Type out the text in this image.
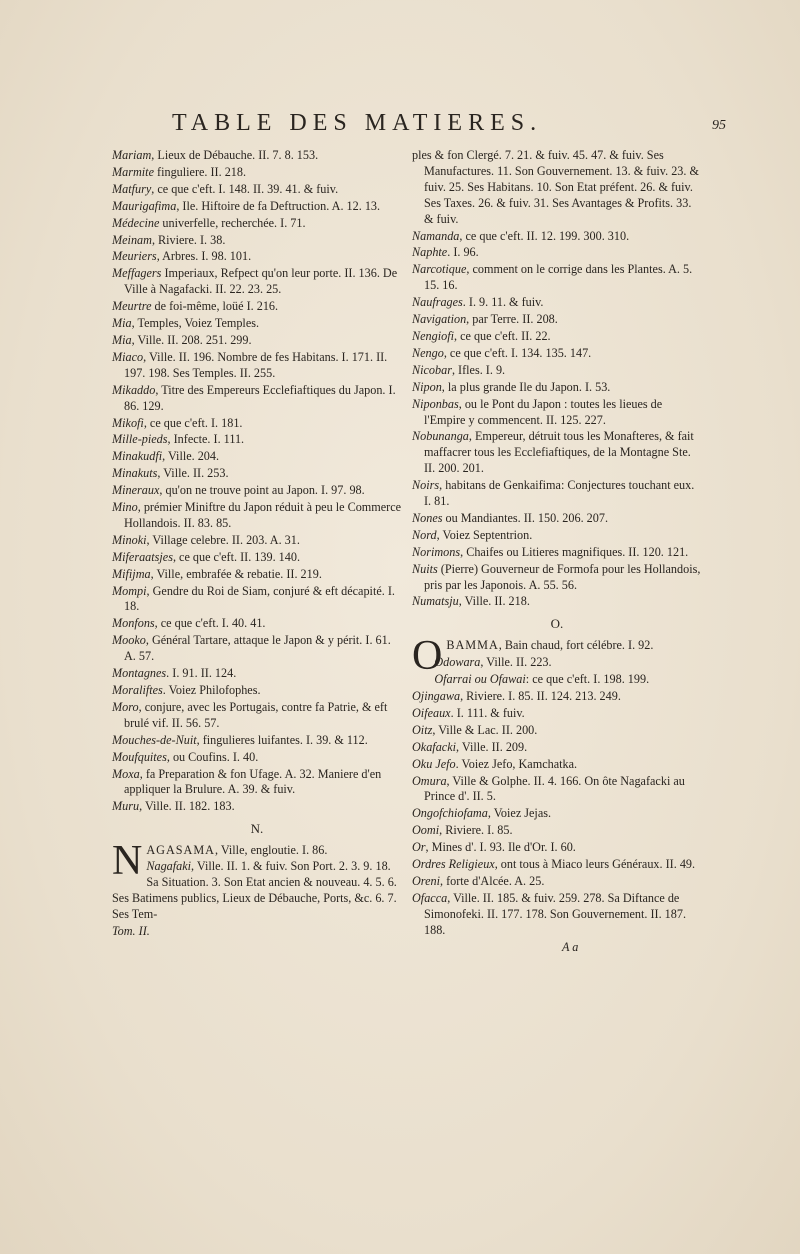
TABLE DES MATIERES.	95
Mariam, Lieux de Débauche. II. 7. 8. 153.
Marmite finguliere. II. 218.
Matfury, ce que c'eft. I. 148. II. 39. 41. & fuiv.
Maurigafima, Ile. Hiftoire de fa Deftruction. A. 12. 13.
Médecine univerfelle, recherchée. I. 71.
Meinam, Riviere. I. 38.
Meuriers, Arbres. I. 98. 101.
Meffagers Imperiaux, Refpect qu'on leur porte. II. 136. De Ville à Nagafacki. II. 22. 23. 25.
Meurtre de foi-même, loüé I. 216.
Mia, Temples, Voiez Temples.
Mia, Ville. II. 208. 251. 299.
Miaco, Ville. II. 196. Nombre de fes Habitans. I. 171. II. 197. 198. Ses Temples. II. 255.
Mikaddo, Titre des Empereurs Ecclefiaftiques du Japon. I. 86. 129.
Mikofi, ce que c'eft. I. 181.
Mille-pieds, Infecte. I. 111.
Minakudfi, Ville. 204.
Minakuts, Ville. II. 253.
Mineraux, qu'on ne trouve point au Japon. I. 97. 98.
Mino, prémier Miniftre du Japon réduit à peu le Commerce Hollandois. II. 83. 85.
Minoki, Village celebre. II. 203. A. 31.
Miferaatsjes, ce que c'eft. II. 139. 140.
Mifijma, Ville, embrafée & rebatie. II. 219.
Mompi, Gendre du Roi de Siam, conjuré & eft décapité. I. 18.
Monfons, ce que c'eft. I. 40. 41.
Mooko, Général Tartare, attaque le Japon & y périt. I. 61. A. 57.
Montagnes. I. 91. II. 124.
Moraliftes. Voiez Philofophes.
Moro, conjure, avec les Portugais, contre fa Patrie, & eft brulé vif. II. 56. 57.
Mouches-de-Nuit, fingulieres luifantes. I. 39. & 112.
Moufquites, ou Coufins. I. 40.
Moxa, fa Preparation & fon Ufage. A. 32. Maniere d'en appliquer la Brulure. A. 39. & fuiv.
Muru, Ville. II. 182. 183.
N.
NAGASAMA, Ville, engloutie. I. 86.
Nagafaki, Ville. II. 1. & fuiv. Son Port. 2. 3. 9. 18. Sa Situation. 3. Son Etat ancien & nouveau. 4. 5. 6. Ses Batimens publics, Lieux de Débauche, Ports, &c. 6. 7. Ses Tem-
Tom. II.
ples & fon Clergé. 7. 21. & fuiv. 45. 47. & fuiv. Ses Manufactures. 11. Son Gouvernement. 13. & fuiv. 23. & fuiv. 25. Ses Habitans. 10. Son Etat préfent. 26. & fuiv. Ses Taxes. 26. & fuiv. 31. Ses Avantages & Profits. 33. & fuiv.
Namanda, ce que c'eft. II. 12. 199. 300. 310.
Naphte. I. 96.
Narcotique, comment on le corrige dans les Plantes. A. 5. 15. 16.
Naufrages. I. 9. 11. & fuiv.
Navigation, par Terre. II. 208.
Nengiofi, ce que c'eft. II. 22.
Nengo, ce que c'eft. I. 134. 135. 147.
Nicobar, Ifles. I. 9.
Nipon, la plus grande Ile du Japon. I. 53.
Niponbas, ou le Pont du Japon : toutes les lieues de l'Empire y commencent. II. 125. 227.
Nobunanga, Empereur, détruit tous les Monafteres, & fait maffacrer tous les Ecclefiaftiques, de la Montagne Ste. II. 200. 201.
Noirs, habitans de Genkaifima: Conjectures touchant eux. I. 81.
Nones ou Mandiantes. II. 150. 206. 207.
Nord, Voiez Septentrion.
Norimons, Chaifes ou Litieres magnifiques. II. 120. 121.
Nuits (Pierre) Gouverneur de Formofa pour les Hollandois, pris par les Japonois. A. 55. 56.
Numatsju, Ville. II. 218.
O.
OBAMMA, Bain chaud, fort célébre. I. 92.
Odowara, Ville. II. 223.
Ofarrai ou Ofawai: ce que c'eft. I. 198. 199.
Ojingawa, Riviere. I. 85. II. 124. 213. 249.
Oifeaux. I. 111. & fuiv.
Oitz, Ville & Lac. II. 200.
Okafacki, Ville. II. 209.
Oku Jefo. Voiez Jefo, Kamchatka.
Omura, Ville & Golphe. II. 4. 166. On ôte Nagafacki au Prince d'. II. 5.
Ongofchiofama, Voiez Jejas.
Oomi, Riviere. I. 85.
Or, Mines d'. I. 93. Ile d'Or. I. 60.
Ordres Religieux, ont tous à Miaco leurs Généraux. II. 49.
Oreni, forte d'Alcée. A. 25.
Ofacca, Ville. II. 185. & fuiv. 259. 278. Sa Diftance de Simonofeki. II. 177. 178. Son Gouvernement. II. 187. 188.
A a
